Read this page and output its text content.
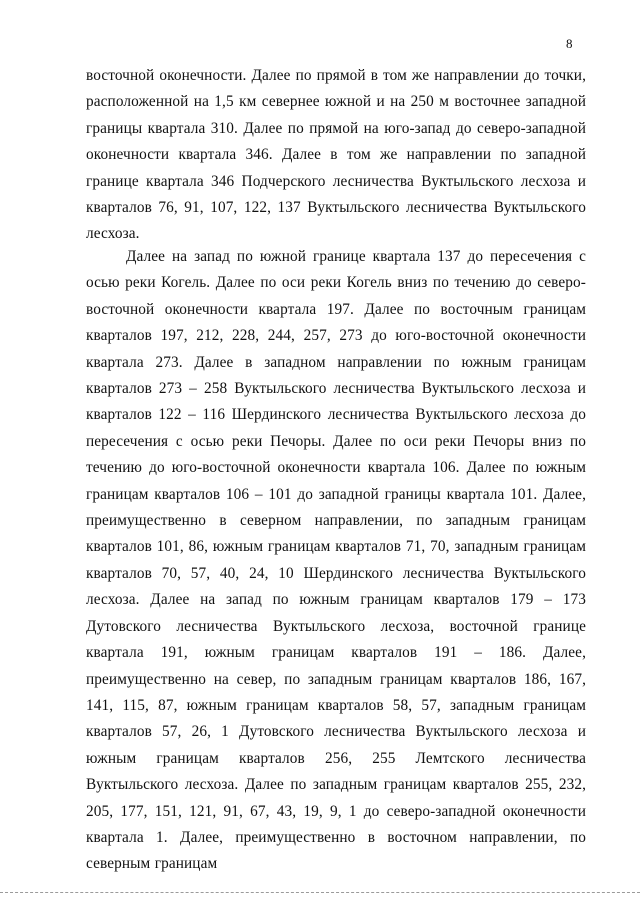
8

восточной оконечности. Далее по прямой в том же направлении до точки, расположенной на 1,5 км севернее южной и на 250 м восточнее западной границы квартала 310. Далее по прямой на юго-запад до северо-западной оконечности квартала 346. Далее в том же направлении по западной границе квартала 346 Подчерского лесничества Вуктыльского лесхоза и кварталов 76, 91, 107, 122, 137 Вуктыльского лесничества Вуктыльского лесхоза.

Далее на запад по южной границе квартала 137 до пересечения с осью реки Когель. Далее по оси реки Когель вниз по течению до северо-восточной оконечности квартала 197. Далее по восточным границам кварталов 197, 212, 228, 244, 257, 273 до юго-восточной оконечности квартала 273. Далее в западном направлении по южным границам кварталов 273 – 258 Вуктыльского лесничества Вуктыльского лесхоза и кварталов 122 – 116 Шердинского лесничества Вуктыльского лесхоза до пересечения с осью реки Печоры. Далее по оси реки Печоры вниз по течению до юго-восточной оконечности квартала 106. Далее по южным границам кварталов 106 – 101 до западной границы квартала 101. Далее, преимущественно в северном направлении, по западным границам кварталов 101, 86, южным границам кварталов 71, 70, западным границам кварталов 70, 57, 40, 24, 10 Шердинского лесничества Вуктыльского лесхоза. Далее на запад по южным границам кварталов 179 – 173 Дутовского лесничества Вуктыльского лесхоза, восточной границе квартала 191, южным границам кварталов 191 – 186. Далее, преимущественно на север, по западным границам кварталов 186, 167, 141, 115, 87, южным границам кварталов 58, 57, западным границам кварталов 57, 26, 1 Дутовского лесничества Вуктыльского лесхоза и южным границам кварталов 256, 255 Лемтского лесничества Вуктыльского лесхоза. Далее по западным границам кварталов 255, 232, 205, 177, 151, 121, 91, 67, 43, 19, 9, 1 до северо-западной оконечности квартала 1. Далее, преимущественно в восточном направлении, по северным границам
